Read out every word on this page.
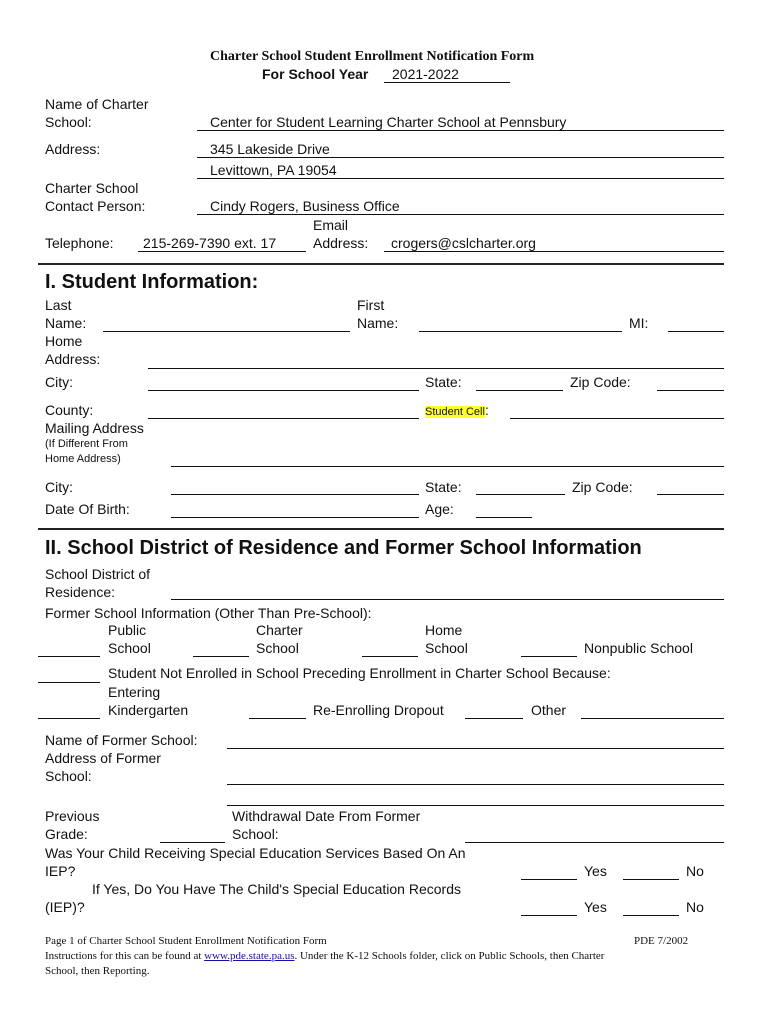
Charter School Student Enrollment Notification Form
For School Year 2021-2022
Name of Charter
School:	Center for Student Learning Charter School at Pennsbury
Address:	345 Lakeside Drive
Levittown, PA 19054
Charter School
Contact Person:	Cindy Rogers, Business Office
Telephone: 215-269-7390 ext. 17
Email
Address: crogers@cslcharter.org
I. Student Information:
Last
Name:
First
Name:	MI:
Home
Address:
City:	State:	Zip Code:
County:	Student Cell:
Mailing Address
(If Different From
Home Address)
City:	State:	Zip Code:
Date Of Birth:	Age:
II. School District of Residence and Former School Information
School District of
Residence:
Former School Information (Other Than Pre-School):
Public
School
Charter
School
Home
School	Nonpublic School
Student Not Enrolled in School Preceding Enrollment in Charter School Because:
Entering
Kindergarten	Re-Enrolling Dropout	Other
Name of Former School:
Address of Former
School:
Previous
Grade:
Withdrawal Date From Former
School:
Was Your Child Receiving Special Education Services Based On An
IEP?	Yes	No
If Yes, Do You Have The Child's Special Education Records
(IEP)?	Yes	No
Page 1 of Charter School Student Enrollment Notification Form	PDE 7/2002
Instructions for this can be found at www.pde.state.pa.us. Under the K-12 Schools folder, click on Public Schools, then Charter
School, then Reporting.
